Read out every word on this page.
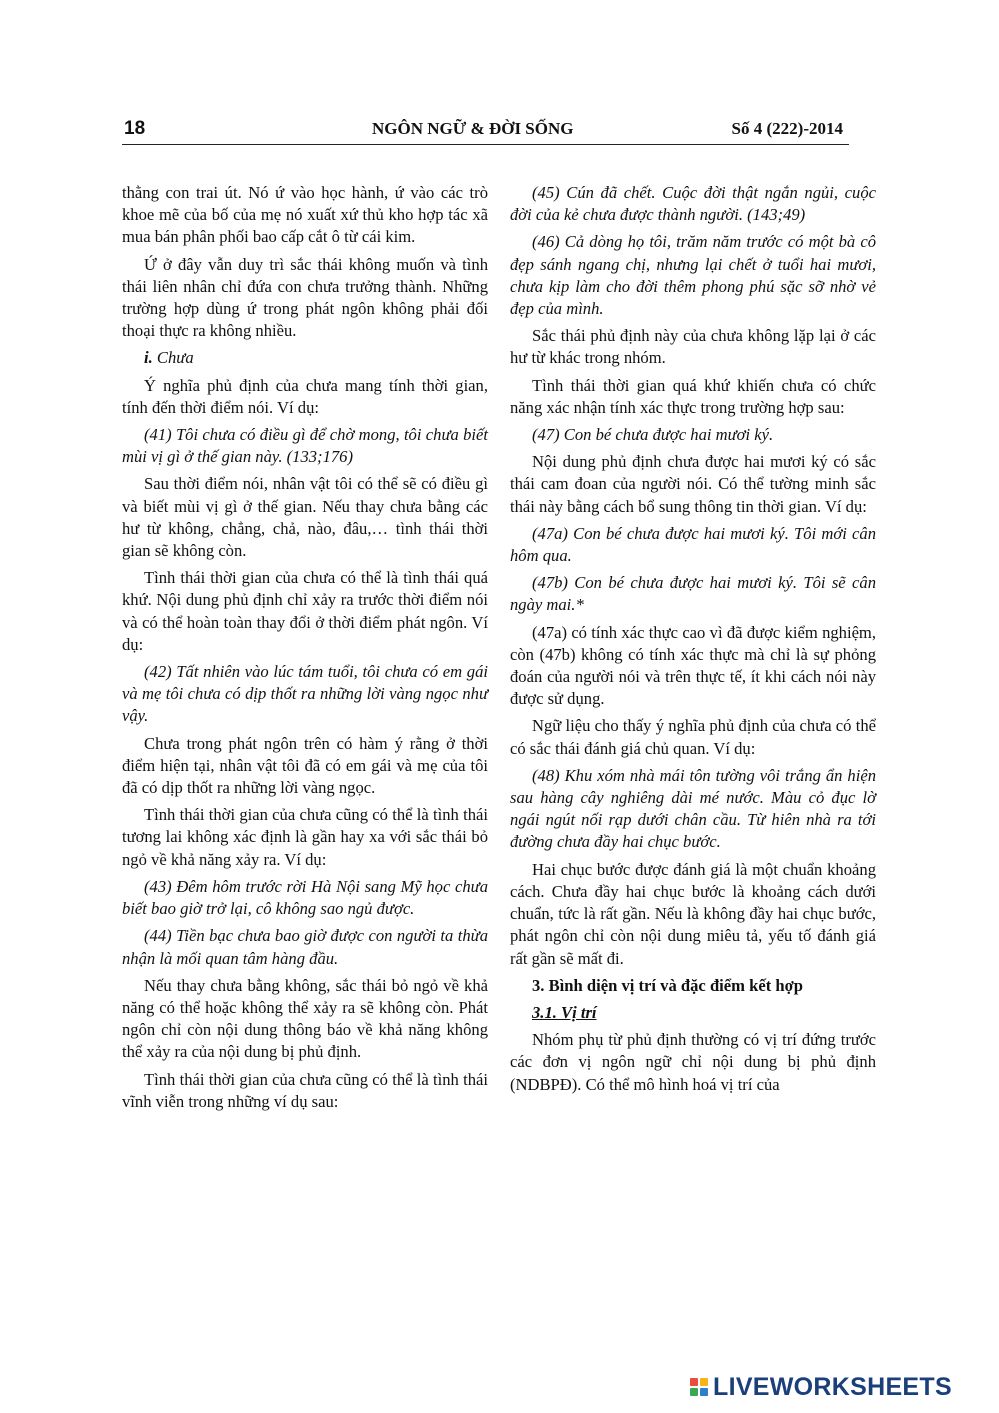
18	NGÔN NGỮ & ĐỜI SỐNG	Số 4 (222)-2014

thằng con trai út. Nó ứ vào học hành, ứ vào các trò khoe mẽ của bố của mẹ nó xuất xứ thủ kho hợp tác xã mua bán phân phối bao cấp cắt ô từ cái kim.

Ứ ở đây vẫn duy trì sắc thái không muốn và tình thái liên nhân chỉ đứa con chưa trưởng thành. Những trường hợp dùng ứ trong phát ngôn không phải đối thoại thực ra không nhiều.

i. Chưa

Ý nghĩa phủ định của chưa mang tính thời gian, tính đến thời điểm nói. Ví dụ:

(41) Tôi chưa có điều gì để chờ mong, tôi chưa biết mùi vị gì ở thế gian này. (133;176)

Sau thời điểm nói, nhân vật tôi có thể sẽ có điều gì và biết mùi vị gì ở thế gian. Nếu thay chưa bằng các hư từ không, chẳng, chả, nào, đâu,… tình thái thời gian sẽ không còn.

Tình thái thời gian của chưa có thể là tình thái quá khứ. Nội dung phủ định chỉ xảy ra trước thời điểm nói và có thể hoàn toàn thay đổi ở thời điểm phát ngôn. Ví dụ:

(42) Tất nhiên vào lúc tám tuổi, tôi chưa có em gái và mẹ tôi chưa có dịp thốt ra những lời vàng ngọc như vậy.

Chưa trong phát ngôn trên có hàm ý rằng ở thời điểm hiện tại, nhân vật tôi đã có em gái và mẹ của tôi đã có dịp thốt ra những lời vàng ngọc.

Tình thái thời gian của chưa cũng có thể là tình thái tương lai không xác định là gần hay xa với sắc thái bỏ ngỏ về khả năng xảy ra. Ví dụ:

(43) Đêm hôm trước rời Hà Nội sang Mỹ học chưa biết bao giờ trở lại, cô không sao ngủ được.

(44) Tiền bạc chưa bao giờ được con người ta thừa nhận là mối quan tâm hàng đầu.

Nếu thay chưa bằng không, sắc thái bỏ ngỏ về khả năng có thể hoặc không thể xảy ra sẽ không còn. Phát ngôn chỉ còn nội dung thông báo về khả năng không thể xảy ra của nội dung bị phủ định.

Tình thái thời gian của chưa cũng có thể là tình thái vĩnh viễn trong những ví dụ sau:

(45) Cún đã chết. Cuộc đời thật ngắn ngủi, cuộc đời của kẻ chưa được thành người. (143;49)

(46) Cả dòng họ tôi, trăm năm trước có một bà cô đẹp sánh ngang chị, nhưng lại chết ở tuổi hai mươi, chưa kịp làm cho đời thêm phong phú sặc sỡ nhờ vẻ đẹp của mình.

Sắc thái phủ định này của chưa không lặp lại ở các hư từ khác trong nhóm.

Tình thái thời gian quá khứ khiến chưa có chức năng xác nhận tính xác thực trong trường hợp sau:

(47) Con bé chưa được hai mươi ký.

Nội dung phủ định chưa được hai mươi ký có sắc thái cam đoan của người nói. Có thể tường minh sắc thái này bằng cách bổ sung thông tin thời gian. Ví dụ:

(47a) Con bé chưa được hai mươi ký. Tôi mới cân hôm qua.

(47b) Con bé chưa được hai mươi ký. Tôi sẽ cân ngày mai.*

(47a) có tính xác thực cao vì đã được kiểm nghiệm, còn (47b) không có tính xác thực mà chỉ là sự phỏng đoán của người nói và trên thực tế, ít khi cách nói này được sử dụng.

Ngữ liệu cho thấy ý nghĩa phủ định của chưa có thể có sắc thái đánh giá chủ quan. Ví dụ:

(48) Khu xóm nhà mái tôn tường vôi trắng ẩn hiện sau hàng cây nghiêng dài mé nước. Màu cỏ đục lờ ngái ngút nối rạp dưới chân cầu. Từ hiên nhà ra tới đường chưa đầy hai chục bước.

Hai chục bước được đánh giá là một chuẩn khoảng cách. Chưa đầy hai chục bước là khoảng cách dưới chuẩn, tức là rất gần. Nếu là không đầy hai chục bước, phát ngôn chỉ còn nội dung miêu tả, yếu tố đánh giá rất gần sẽ mất đi.

3. Bình diện vị trí và đặc điểm kết hợp

3.1. Vị trí

Nhóm phụ từ phủ định thường có vị trí đứng trước các đơn vị ngôn ngữ chỉ nội dung bị phủ định (NDBPĐ). Có thể mô hình hoá vị trí của

LIVEWORKSHEETS
